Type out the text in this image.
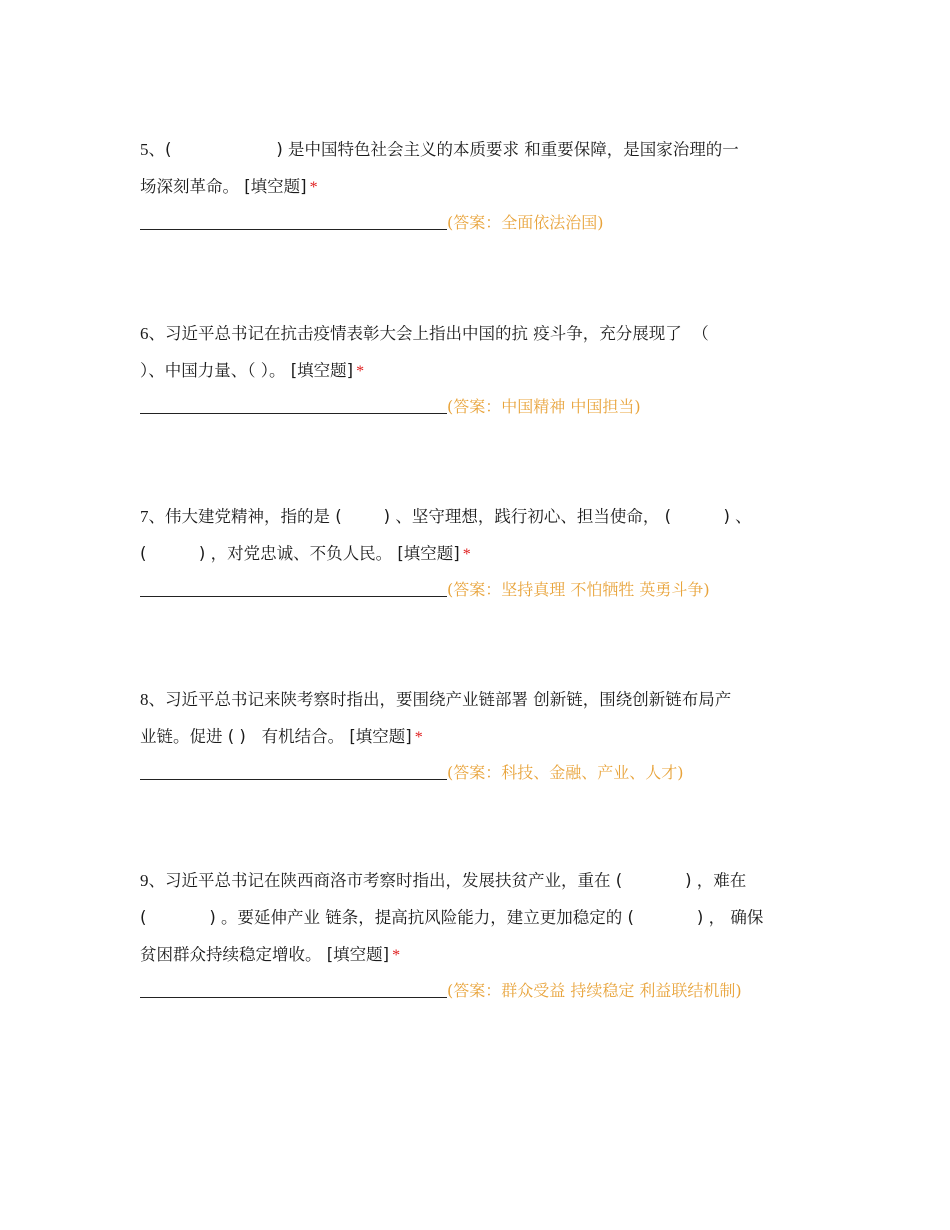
5、(                    ) 是中国特色社会主义的本质要求 和重要保障，是国家治理的一
场深刻革命。 [填空题] *
(答案：全面依法治国)
6、习近平总书记在抗击疫情表彰大会上指出中国的抗 疫斗争，充分展现了  （
）、中国力量、（ ）。 [填空题] *
(答案：中国精神 中国担当)
7、伟大建党精神，指的是 (        ) 、坚守理想，践行初心、担当使命， (          ) 、
(          ) ，对党忠诚、不负人民。 [填空题] *
(答案：坚持真理 不怕牺牲 英勇斗争)
8、习近平总书记来陕考察时指出，要围绕产业链部署 创新链，围绕创新链布局产
业链。促进 ( )   有机结合。 [填空题] *
(答案：科技、金融、产业、人才)
9、习近平总书记在陕西商洛市考察时指出，发展扶贫产业，重在 (            ) ，难在
(            ) 。要延伸产业 链条，提高抗风险能力，建立更加稳定的 (            ) ， 确保
贫困群众持续稳定增收。 [填空题] *
(答案：群众受益 持续稳定 利益联结机制)
